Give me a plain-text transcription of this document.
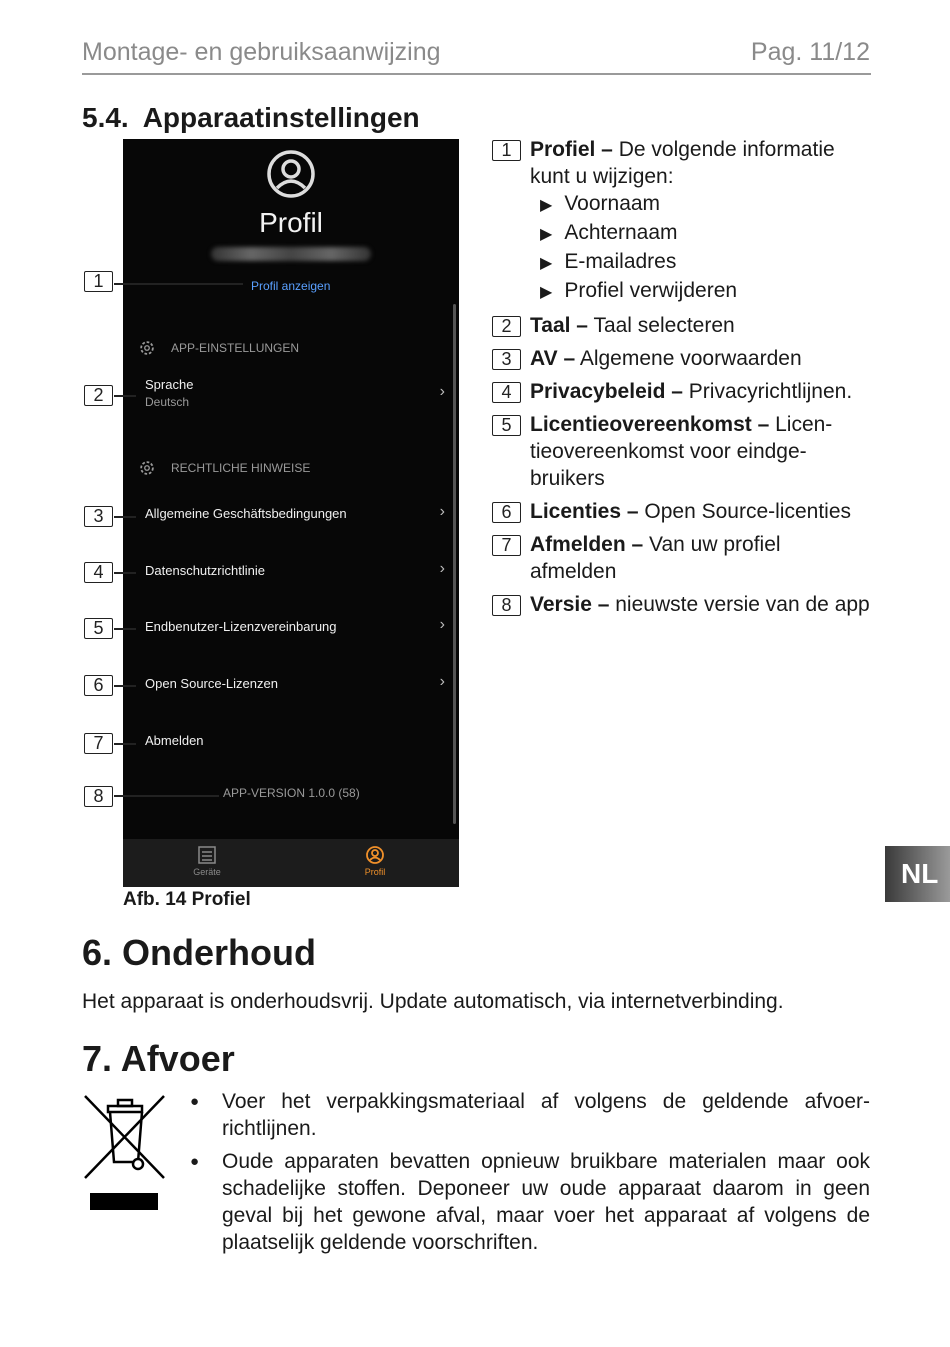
Montage- en gebruiksaanwijzing	Pag. 11/12
5.4. Apparaatinstellingen
Profil
Profil anzeigen
APP-EINSTELLUNGEN
Sprache
Deutsch
›
RECHTLICHE HINWEISE
Allgemeine Geschäftsbedingungen	›
Datenschutzrichtlinie	›
Endbenutzer-Lizenzvereinbarung	›
Open Source-Lizenzen	›
Abmelden
APP-VERSION 1.0.0 (58)
Geräte	Profil
1
2
3
4
5
6
7
8
Afb. 14 Profiel
1 Profiel – De volgende informatie kunt u wijzigen:
▶ Voornaam
▶ Achternaam
▶ E-mailadres
▶ Profiel verwijderen
2 Taal – Taal selecteren
3 AV – Algemene voorwaarden
4 Privacybeleid – Privacyrichtlijnen.
5 Licentieovereenkomst – Licen-tieovereenkomst voor eindge-bruikers
6 Licenties – Open Source-licenties
7 Afmelden – Van uw profiel afmelden
8 Versie – nieuwste versie van de app
NL
6. Onderhoud
Het apparaat is onderhoudsvrij. Update automatisch, via internetverbinding.
7. Afvoer
● Voer het verpakkingsmateriaal af volgens de geldende afvoer-richtlijnen.
● Oude apparaten bevatten opnieuw bruikbare materialen maar ook schadelijke stoffen. Deponeer uw oude apparaat daarom in geen geval bij het gewone afval, maar voer het apparaat af volgens de plaatselijk geldende voorschriften.
